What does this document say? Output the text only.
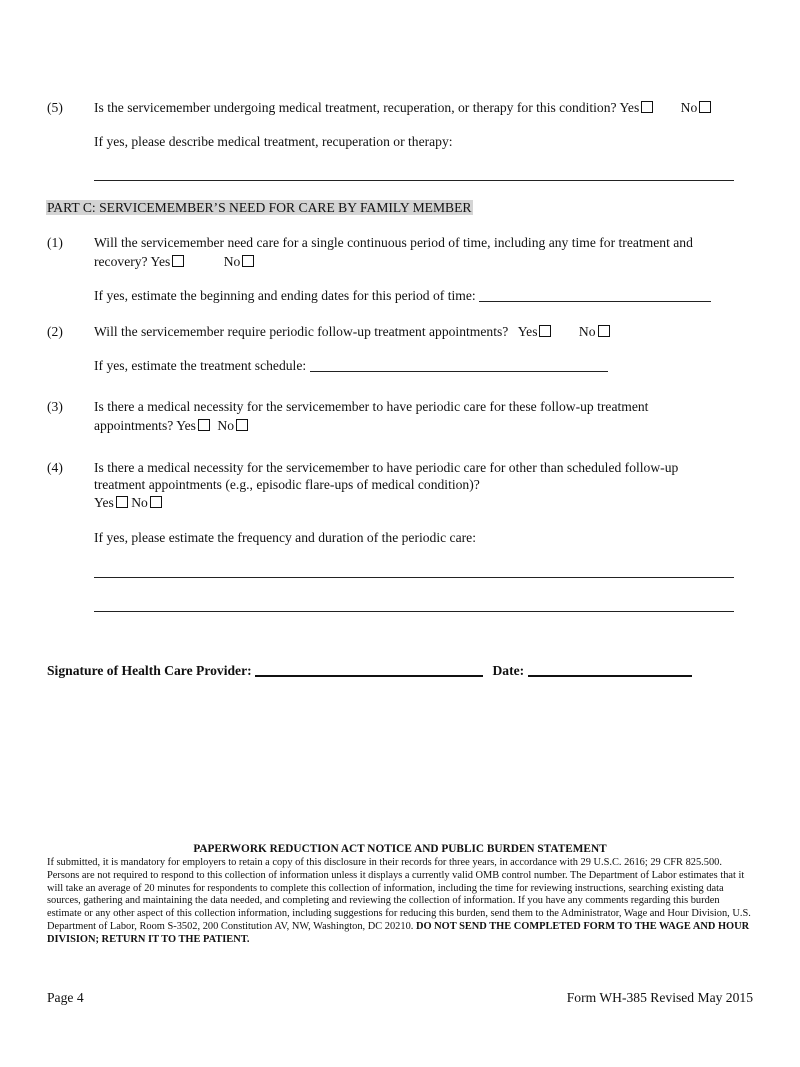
(5) Is the servicemember undergoing medical treatment, recuperation, or therapy for this condition? Yes	No
If yes, please describe medical treatment, recuperation or therapy:
PART C: SERVICEMEMBER’S NEED FOR CARE BY FAMILY MEMBER
(1) Will the servicemember need care for a single continuous period of time, including any time for treatment and
recovery? Yes	No
If yes, estimate the beginning and ending dates for this period of time:
(2) Will the servicemember require periodic follow-up treatment appointments? Yes	No
If yes, estimate the treatment schedule:
(3) Is there a medical necessity for the servicemember to have periodic care for these follow-up treatment
appointments? Yes No
(4) Is there a medical necessity for the servicemember to have periodic care for other than scheduled follow-up
treatment appointments (e.g., episodic flare-ups of medical condition)?
Yes No
If yes, please estimate the frequency and duration of the periodic care:
Signature of Health Care Provider:	Date:
PAPERWORK REDUCTION ACT NOTICE AND PUBLIC BURDEN STATEMENT
If submitted, it is mandatory for employers to retain a copy of this disclosure in their records for three years, in accordance with 29 U.S.C. 2616; 29 CFR 825.500. Persons are not required to respond to this collection of information unless it displays a currently valid OMB control number. The Department of Labor estimates that it will take an average of 20 minutes for respondents to complete this collection of information, including the time for reviewing instructions, searching existing data sources, gathering and maintaining the data needed, and completing and reviewing the collection of information. If you have any comments regarding this burden estimate or any other aspect of this collection information, including suggestions for reducing this burden, send them to the Administrator, Wage and Hour Division, U.S. Department of Labor, Room S-3502, 200 Constitution AV, NW, Washington, DC 20210. DO NOT SEND THE COMPLETED FORM TO THE WAGE AND HOUR DIVISION; RETURN IT TO THE PATIENT.
Page 4	Form WH-385 Revised May 2015
